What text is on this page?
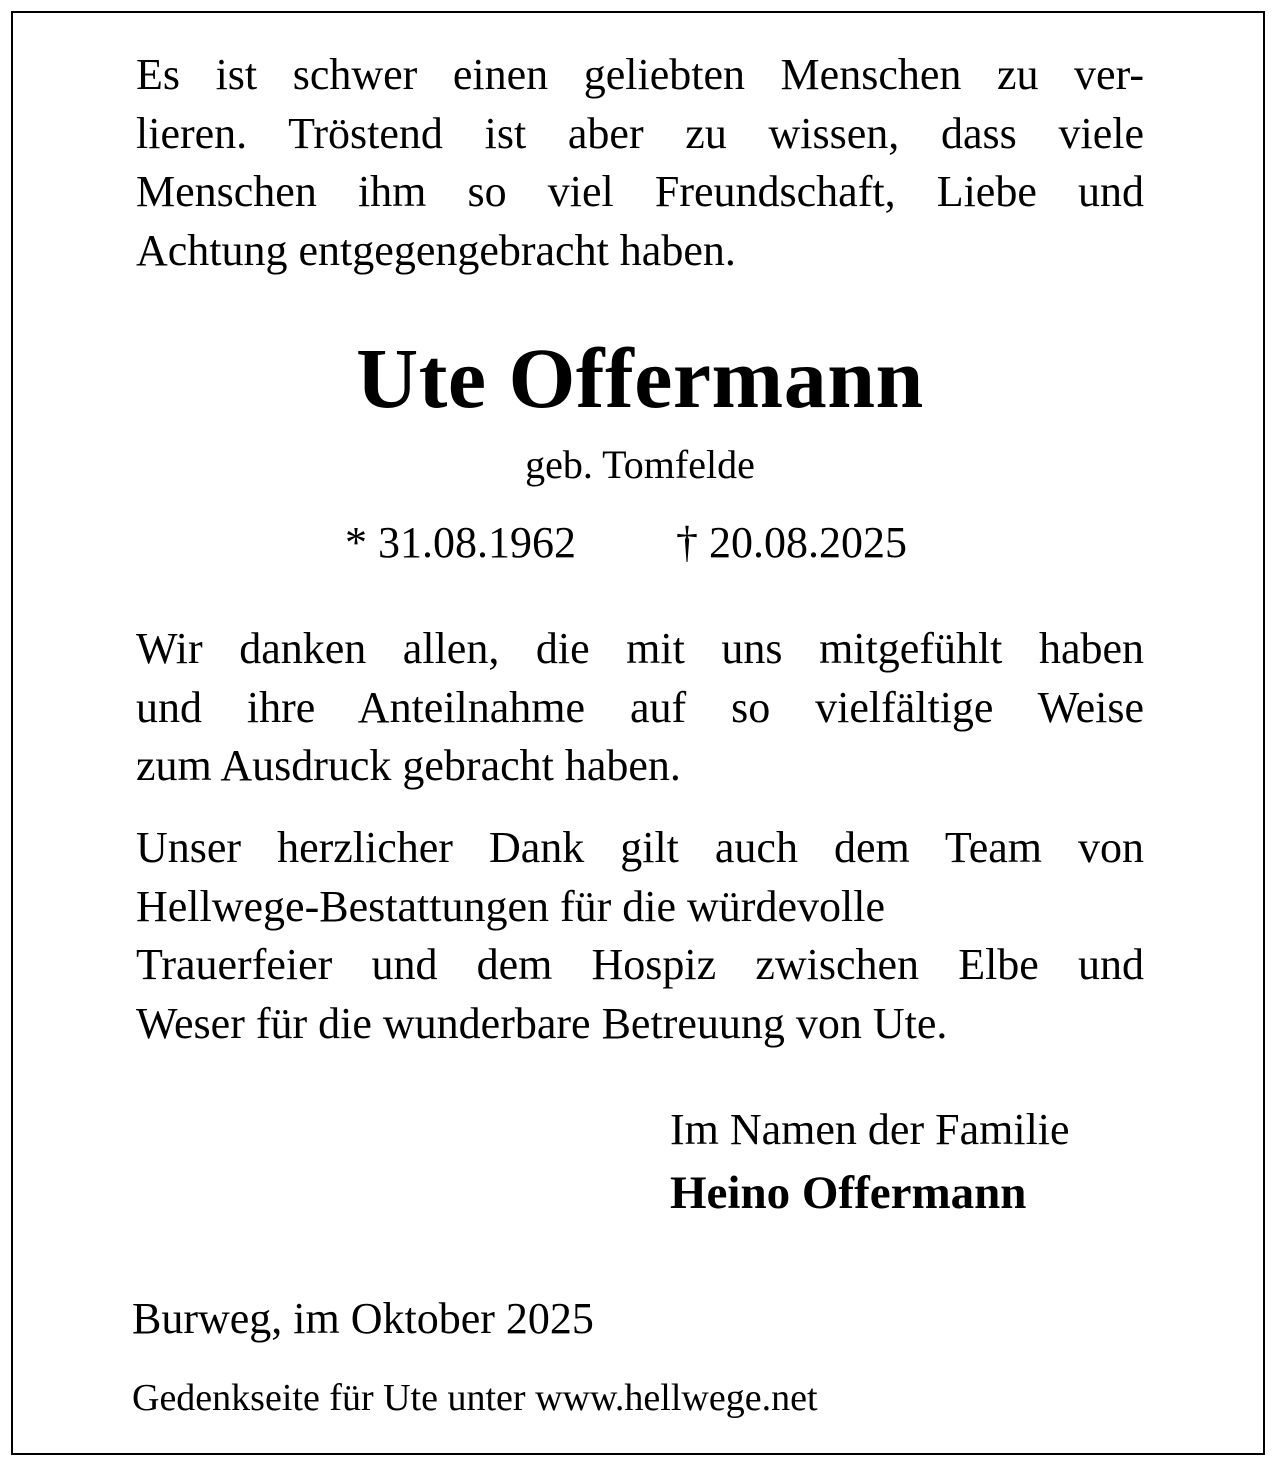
Es ist schwer einen geliebten Menschen zu ver-
lieren. Tröstend ist aber zu wissen, dass viele
Menschen ihm so viel Freundschaft, Liebe und
Achtung entgegengebracht haben.
Ute Offermann
geb. Tomfelde
* 31.08.1962 † 20.08.2025
Wir danken allen, die mit uns mitgefühlt haben
und ihre Anteilnahme auf so vielfältige Weise
zum Ausdruck gebracht haben.
Unser herzlicher Dank gilt auch dem Team von
Hellwege-Bestattungen für die würdevolle
Trauerfeier und dem Hospiz zwischen Elbe und
Weser für die wunderbare Betreuung von Ute.
Im Namen der Familie
Heino Offermann
Burweg, im Oktober 2025
Gedenkseite für Ute unter www.hellwege.net
